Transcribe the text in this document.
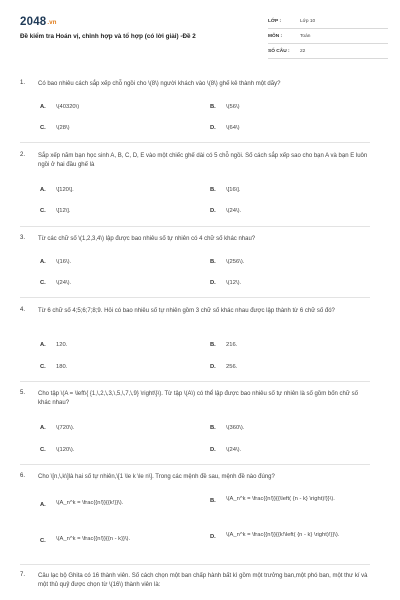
2048.vn
Đề kiểm tra Hoán vị, chỉnh hợp và tổ hợp (có lời giải) -Đề 2
LỚP :	Lớp 10
MÔN :	Toán
SỐ CÂU :	22
1. Có bao nhiêu cách sắp xếp chỗ ngồi cho \(8\) người khách vào \(8\) ghế kê thành một dãy?
A. \(40320\)	B. \(56\)
C. \(28\)	D. \(64\)
2. Sắp xếp năm bạn học sinh A, B, C, D, E vào một chiếc ghế dài có 5 chỗ ngồi. Số cách sắp xếp sao cho bạn A và bạn E luôn ngồi ở hai đầu ghế là
A. \[120\].	B. \[16\].
C. \[12\].	D. \(24\).
3. Từ các chữ số \(1,2,3,4\) lập được bao nhiêu số tự nhiên có 4 chữ số khác nhau?
A. \(16\).	B. \(256\).
C. \(24\).	D. \(12\).
4. Từ 6 chữ số 4;5;6;7;8;9. Hỏi có bao nhiêu số tự nhiên gồm 3 chữ số khác nhau được lập thành từ 6 chữ số đó?
A. 120.	B. 216.
C. 180.	D. 256.
5. Cho tập \(A = \left\{ {1,\,2,\,3,\,5,\,7,\,9} \right\}\). Từ tập \(A\) có thể lập được bao nhiêu số tự nhiên là số gồm bốn chữ số khác nhau?
A. \(720\).	B. \(360\).
C. \(120\).	D. \(24\).
6. Cho \[n,\,k\]là hai số tự nhiên,\[1 \le k \le n\]. Trong các mệnh đề sau, mệnh đề nào đúng?
A.	\(A_n^k = \frac{{n!}}{{k!}}\).	B.	\(A_n^k = \frac{{n!}}{{\left( {n - k} \right)!}}\).
C.	\(A_n^k = \frac{{n!}}{{n - k}}\).	D.	\(A_n^k = \frac{{n!}}{{k!\left( {n - k} \right)!}}\).
7. Câu lạc bộ Ghita có 16 thành viên. Số cách chọn một ban chấp hành bất kì gồm một trưởng ban,một phó ban, một thư kí và một thủ quỹ được chọn từ \(16\) thành viên là:
